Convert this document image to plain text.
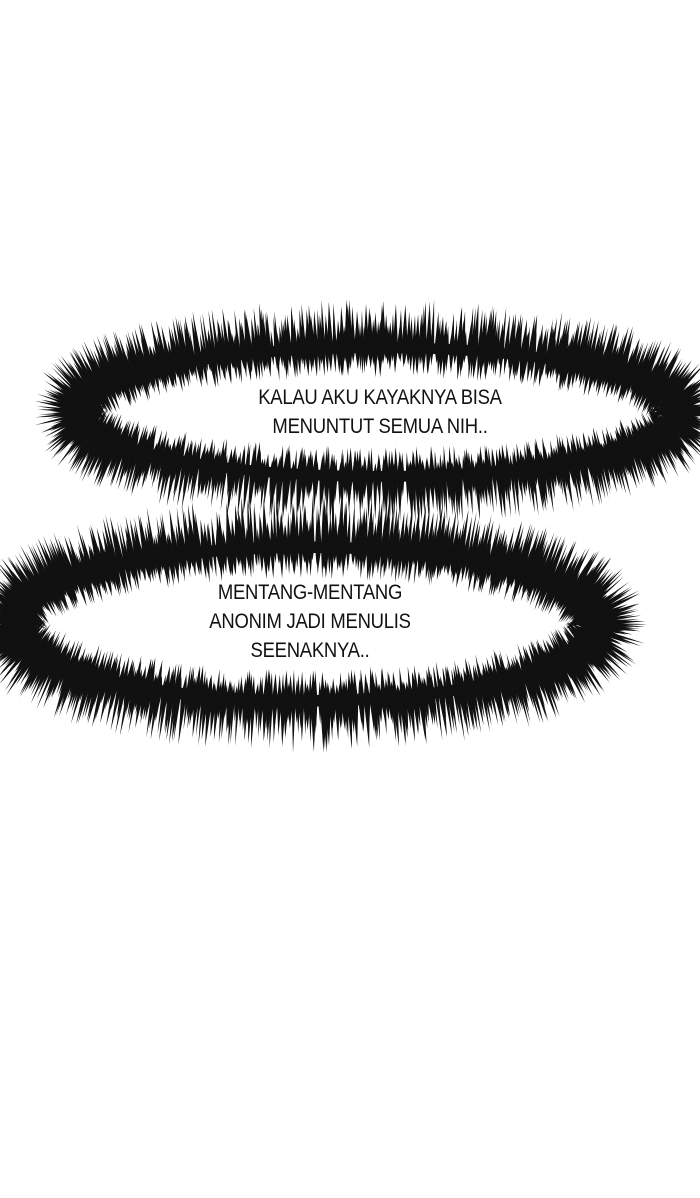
KALAU AKU KAYAKNYA BISA
MENUNTUT SEMUA NIH..
MENTANG-MENTANG
ANONIM JADI MENULIS
SEENAKNYA..
